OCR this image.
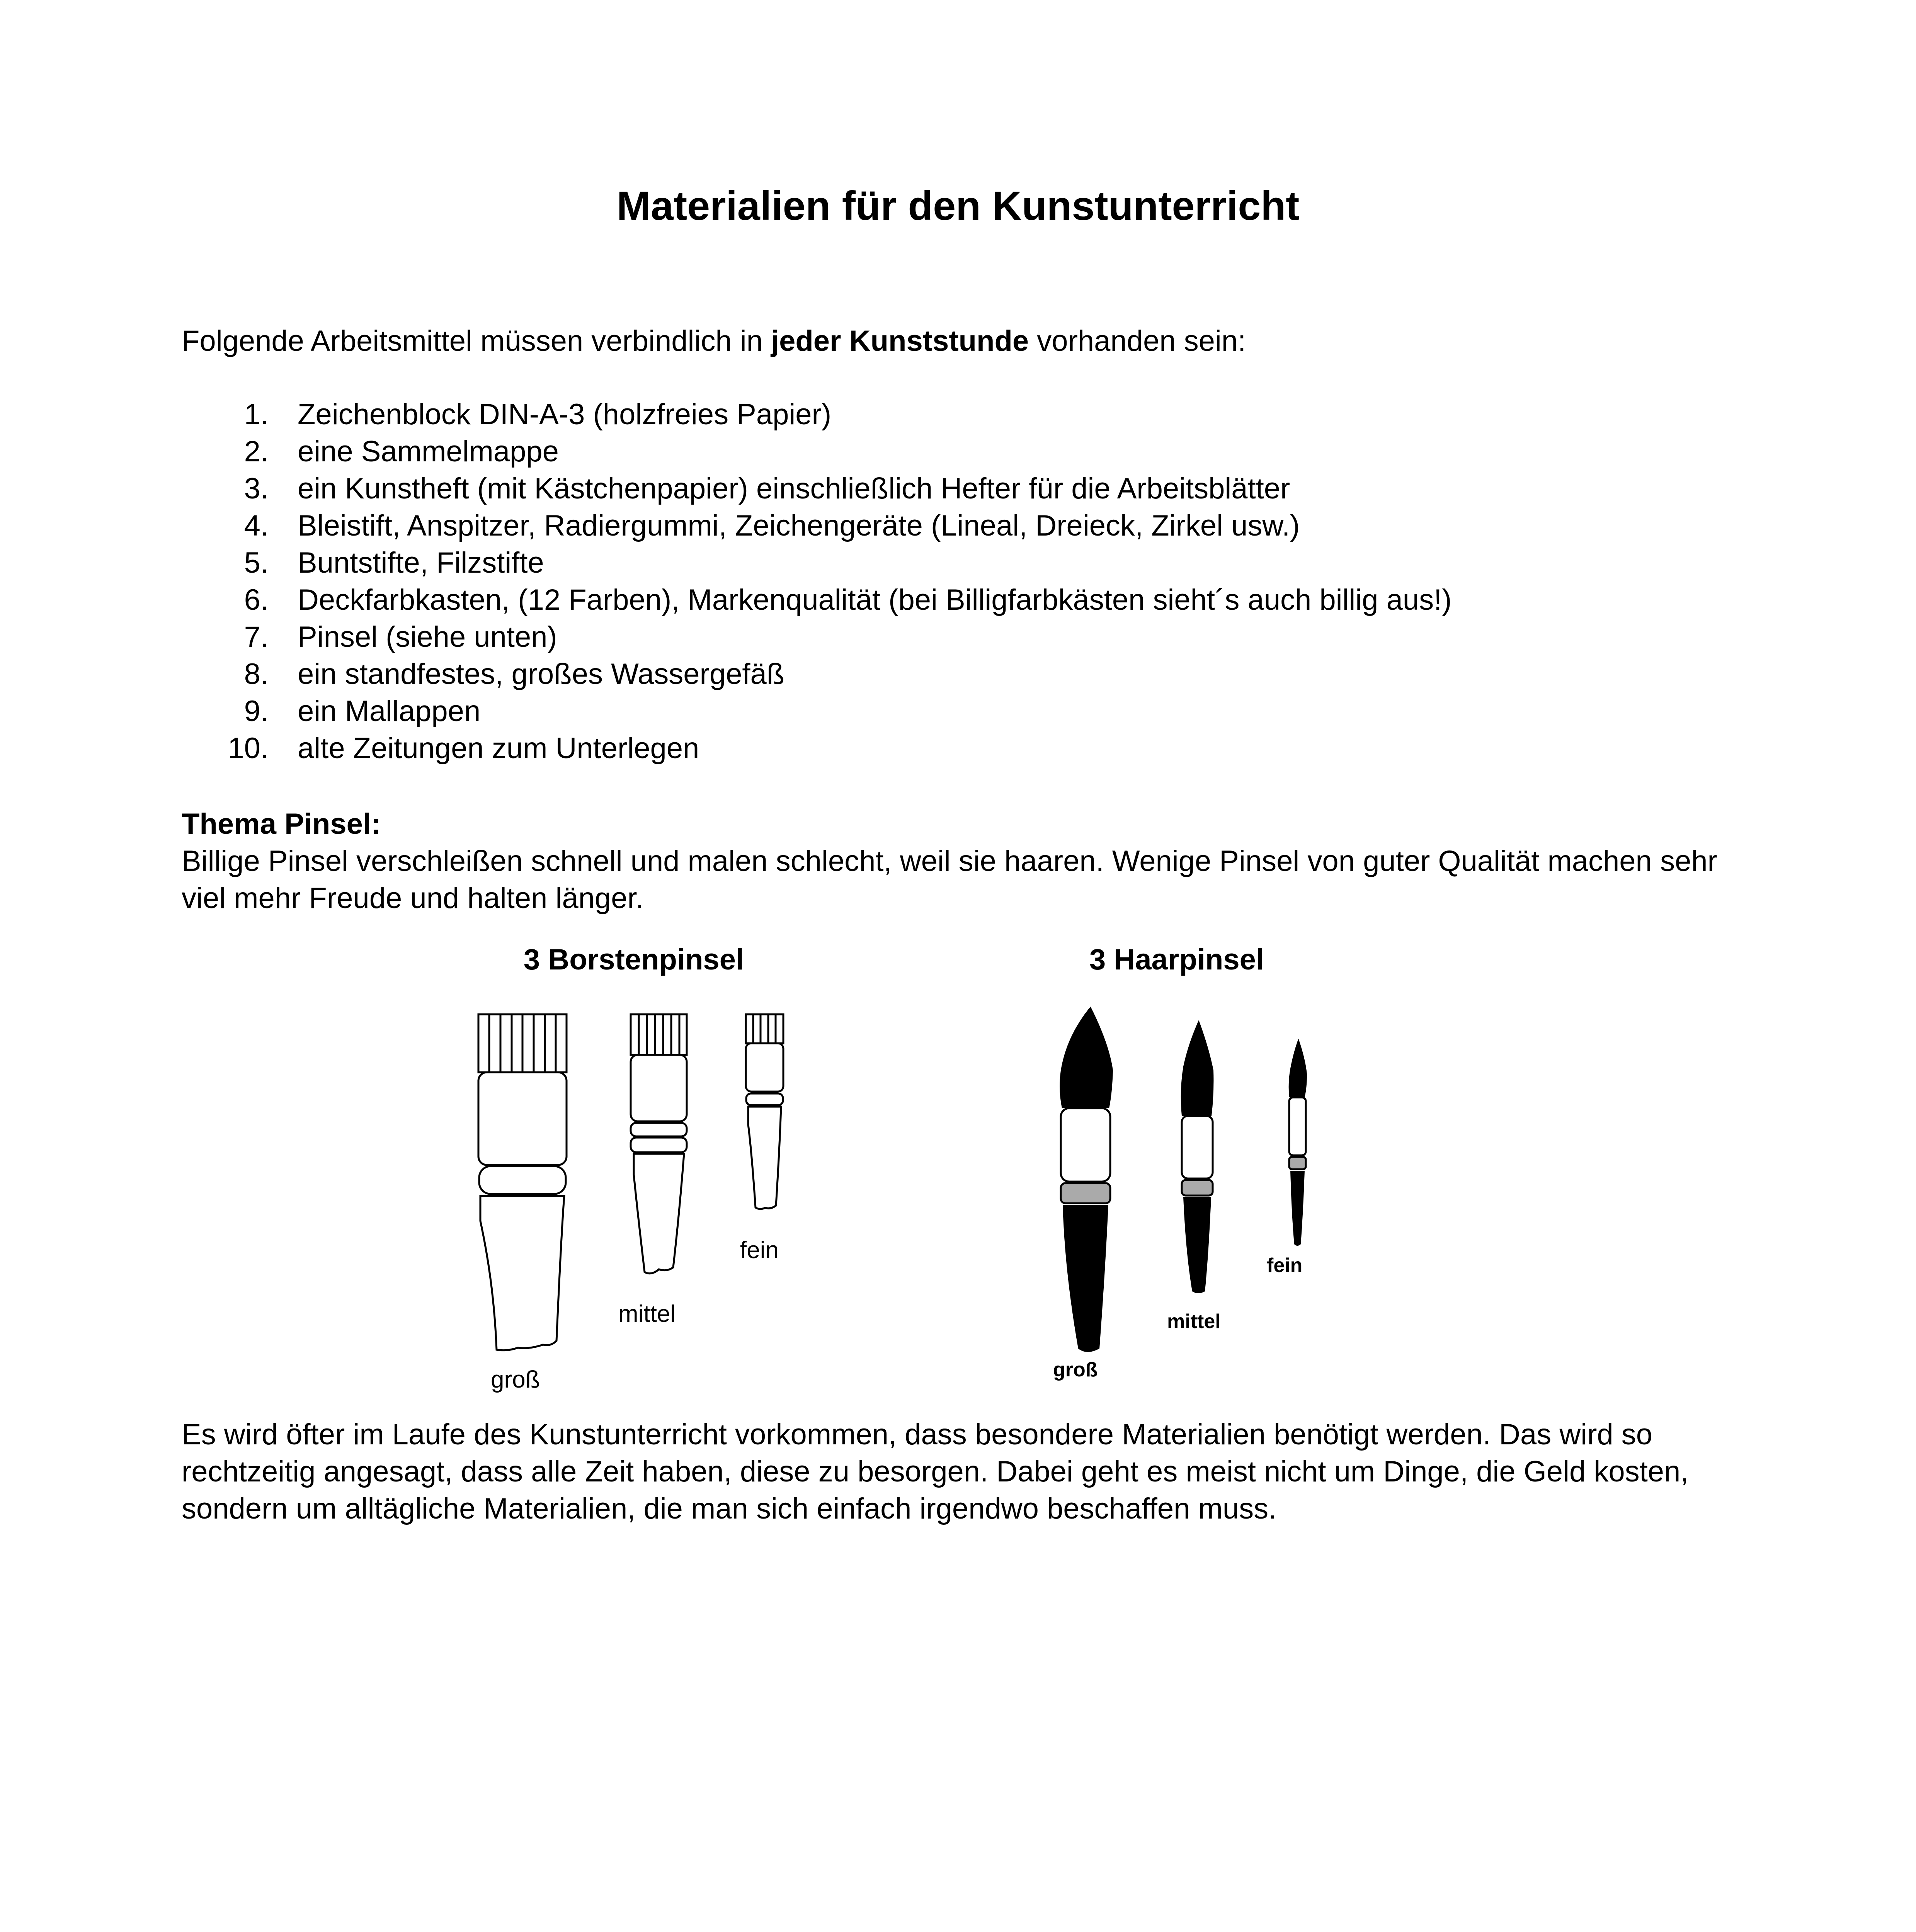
Materialien für den Kunstunterricht
Folgende Arbeitsmittel müssen verbindlich in jeder Kunststunde vorhanden sein:
1. Zeichenblock DIN-A-3 (holzfreies Papier)
2. eine Sammelmappe
3. ein Kunstheft (mit Kästchenpapier) einschließlich Hefter für die Arbeitsblätter
4. Bleistift, Anspitzer, Radiergummi, Zeichengeräte (Lineal, Dreieck, Zirkel usw.)
5. Buntstifte, Filzstifte
6. Deckfarbkasten, (12 Farben), Markenqualität (bei Billigfarbkästen sieht´s auch billig aus!)
7. Pinsel (siehe unten)
8. ein standfestes, großes Wassergefäß
9. ein Mallappen
10. alte Zeitungen zum Unterlegen
Thema Pinsel:
Billige Pinsel verschleißen schnell und malen schlecht, weil sie haaren. Wenige Pinsel von guter Qualität machen sehr viel mehr Freude und halten länger.
3 Borstenpinsel	3 Haarpinsel
groß
mittel
fein
groß
mittel
fein

Es wird öfter im Laufe des Kunstunterricht vorkommen, dass besondere Materialien benötigt werden. Das wird so rechtzeitig angesagt, dass alle Zeit haben, diese zu besorgen. Dabei geht es meist nicht um Dinge, die Geld kosten, sondern um alltägliche Materialien, die man sich einfach irgendwo beschaffen muss.
